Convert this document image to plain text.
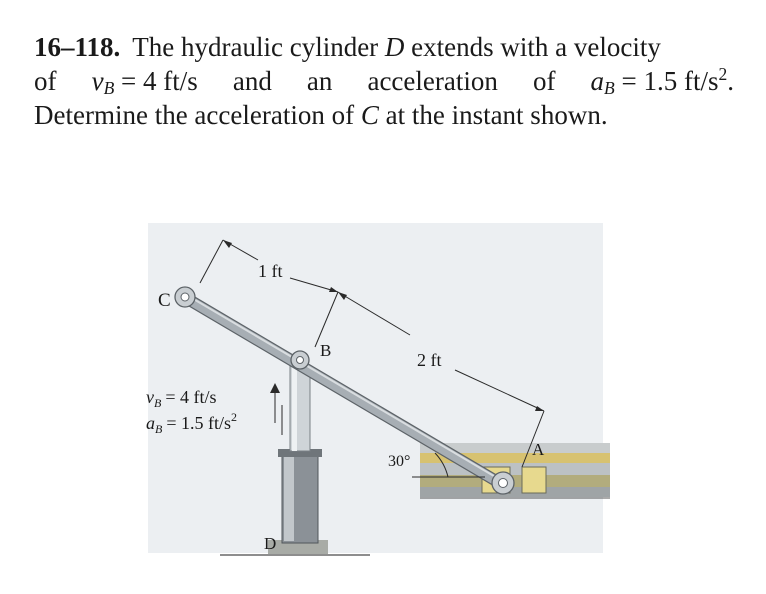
16–118. The hydraulic cylinder
D
extends with a velocity
of $v_B = 4$ ft/s and an acceleration of $a_B = 1.5$ $ft/s^2$.
Determine the acceleration of
C
at the instant shown.
C
B
A
D
1 ft
2 ft
30°
$v_B = 4$ ft/s
$a_B = 1.5$ $ft/s^2$
